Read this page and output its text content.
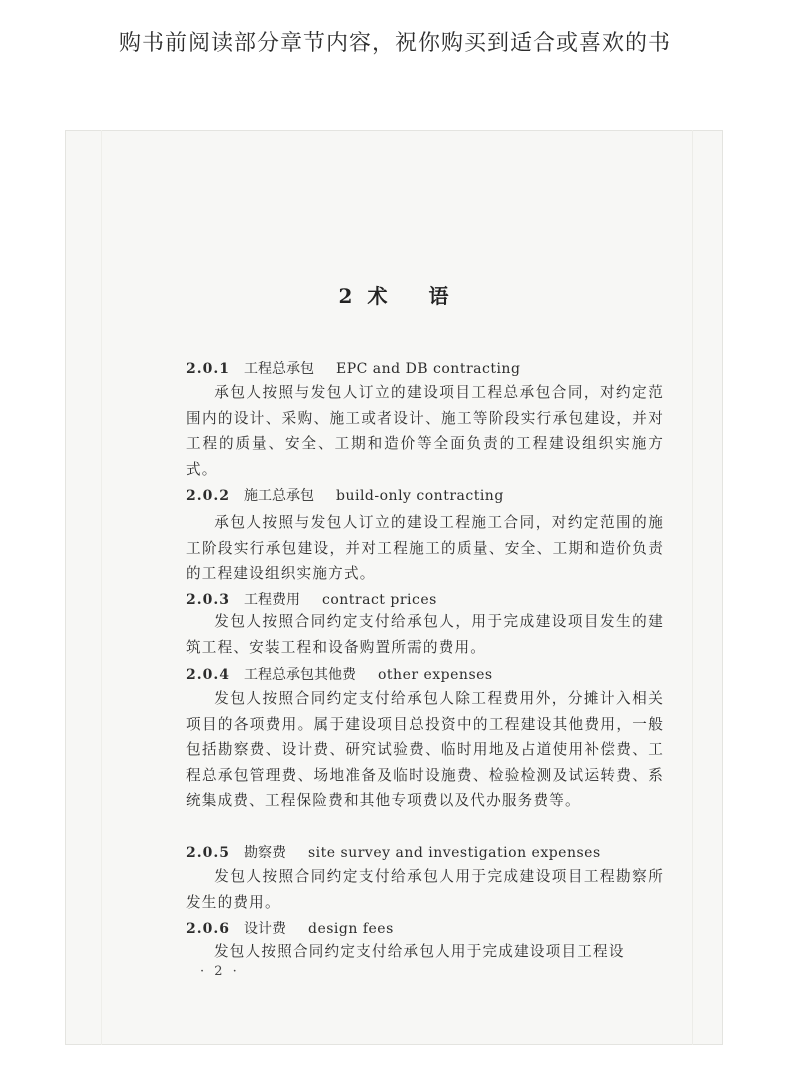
购书前阅读部分章节内容，祝你购买到适合或喜欢的书
2 术 语
2.0.1 工程总承包 EPC and DB contracting
承包人按照与发包人订立的建设项目工程总承包合同，对约定范围内的设计、采购、施工或者设计、施工等阶段实行承包建设，并对工程的质量、安全、工期和造价等全面负责的工程建设组织实施方式。
2.0.2 施工总承包 build-only contracting
承包人按照与发包人订立的建设工程施工合同，对约定范围的施工阶段实行承包建设，并对工程施工的质量、安全、工期和造价负责的工程建设组织实施方式。
2.0.3 工程费用 contract prices
发包人按照合同约定支付给承包人，用于完成建设项目发生的建筑工程、安装工程和设备购置所需的费用。
2.0.4 工程总承包其他费 other expenses
发包人按照合同约定支付给承包人除工程费用外，分摊计入相关项目的各项费用。属于建设项目总投资中的工程建设其他费用，一般包括勘察费、设计费、研究试验费、临时用地及占道使用补偿费、工程总承包管理费、场地准备及临时设施费、检验检测及试运转费、系统集成费、工程保险费和其他专项费以及代办服务费等。
2.0.5 勘察费 site survey and investigation expenses
发包人按照合同约定支付给承包人用于完成建设项目工程勘察所发生的费用。
2.0.6 设计费 design fees
发包人按照合同约定支付给承包人用于完成建设项目工程设
· 2 ·
